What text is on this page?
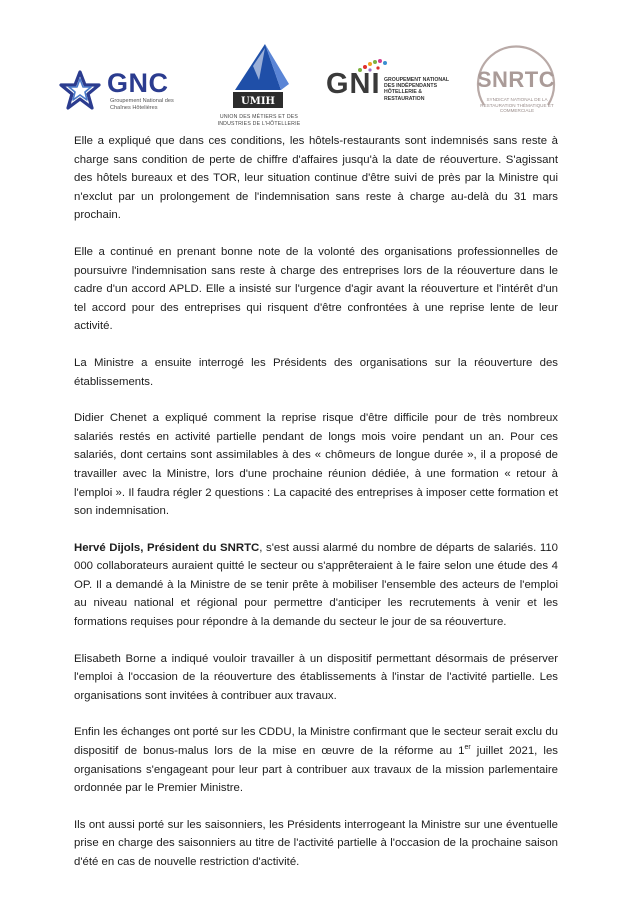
GNC
Groupement National des Chaînes Hôtelières
UMIH
UNION DES MÉTIERS ET DES INDUSTRIES DE L'HÔTELLERIE
GNI GROUPEMENT NATIONAL DES INDÉPENDANTS HÔTELLERIE & RESTAURATION
SNRTC
SYNDICAT NATIONAL DE LA RESTAURATION THÉMATIQUE ET COMMERCIALE

Elle a expliqué que dans ces conditions, les hôtels-restaurants sont indemnisés sans reste à charge sans condition de perte de chiffre d'affaires jusqu'à la date de réouverture. S'agissant des hôtels bureaux et des TOR, leur situation continue d'être suivi de près par la Ministre qui n'exclut par un prolongement de l'indemnisation sans reste à charge au-delà du 31 mars prochain.

Elle a continué en prenant bonne note de la volonté des organisations professionnelles de poursuivre l'indemnisation sans reste à charge des entreprises lors de la réouverture dans le cadre d'un accord APLD. Elle a insisté sur l'urgence d'agir avant la réouverture et l'intérêt d'un tel accord pour des entreprises qui risquent d'être confrontées à une reprise lente de leur activité.

La Ministre a ensuite interrogé les Présidents des organisations sur la réouverture des établissements.

Didier Chenet a expliqué comment la reprise risque d'être difficile pour de très nombreux salariés restés en activité partielle pendant de longs mois voire pendant un an. Pour ces salariés, dont certains sont assimilables à des « chômeurs de longue durée », il a proposé de travailler avec la Ministre, lors d'une prochaine réunion dédiée, à une formation « retour à l'emploi ». Il faudra régler 2 questions : La capacité des entreprises à imposer cette formation et son indemnisation.

Hervé Dijols, Président du SNRTC, s'est aussi alarmé du nombre de départs de salariés. 110 000 collaborateurs auraient quitté le secteur ou s'apprêteraient à le faire selon une étude des 4 OP. Il a demandé à la Ministre de se tenir prête à mobiliser l'ensemble des acteurs de l'emploi au niveau national et régional pour permettre d'anticiper les recrutements à venir et les formations requises pour répondre à la demande du secteur le jour de sa réouverture.

Elisabeth Borne a indiqué vouloir travailler à un dispositif permettant désormais de préserver l'emploi à l'occasion de la réouverture des établissements à l'instar de l'activité partielle. Les organisations sont invitées à contribuer aux travaux.

Enfin les échanges ont porté sur les CDDU, la Ministre confirmant que le secteur serait exclu du dispositif de bonus-malus lors de la mise en œuvre de la réforme au 1er juillet 2021, les organisations s'engageant pour leur part à contribuer aux travaux de la mission parlementaire ordonnée par le Premier Ministre.

Ils ont aussi porté sur les saisonniers, les Présidents interrogeant la Ministre sur une éventuelle prise en charge des saisonniers au titre de l'activité partielle à l'occasion de la prochaine saison d'été en cas de nouvelle restriction d'activité.
